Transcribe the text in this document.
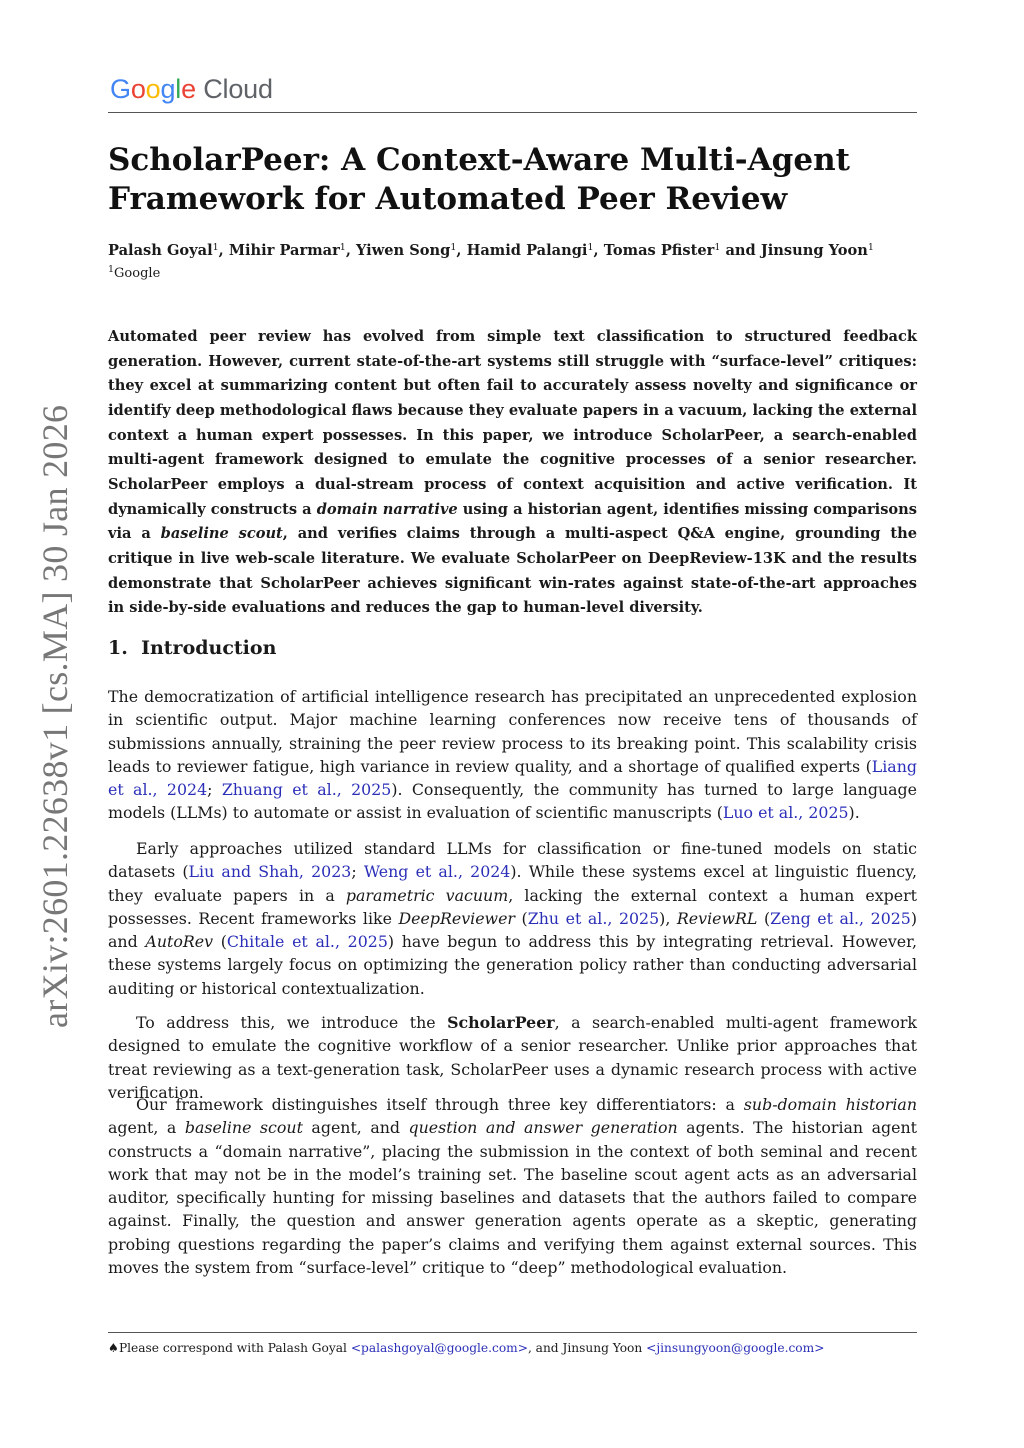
Google Cloud
arXiv:2601.22638v1 [cs.MA] 30 Jan 2026
ScholarPeer: A Context-Aware Multi-Agent Framework for Automated Peer Review
Palash Goyal$^1$, Mihir Parmar$^1$, Yiwen Song$^1$, Hamid Palangi$^1$, Tomas Pfister$^1$ and Jinsung Yoon$^1$
$^1$Google

Automated peer review has evolved from simple text classification to structured feedback generation. However, current state-of-the-art systems still struggle with “surface-level” critiques: they excel at summarizing content but often fail to accurately assess novelty and significance or identify deep methodological flaws because they evaluate papers in a vacuum, lacking the external context a human expert possesses. In this paper, we introduce ScholarPeer, a search-enabled multi-agent framework designed to emulate the cognitive processes of a senior researcher. ScholarPeer employs a dual-stream process of context acquisition and active verification. It dynamically constructs a domain narrative using a historian agent, identifies missing comparisons via a baseline scout, and verifies claims through a multi-aspect Q&A engine, grounding the critique in live web-scale literature. We evaluate ScholarPeer on DeepReview-13K and the results demonstrate that ScholarPeer achieves significant win-rates against state-of-the-art approaches in side-by-side evaluations and reduces the gap to human-level diversity.

1. Introduction

The democratization of artificial intelligence research has precipitated an unprecedented explosion in scientific output. Major machine learning conferences now receive tens of thousands of submissions annually, straining the peer review process to its breaking point. This scalability crisis leads to reviewer fatigue, high variance in review quality, and a shortage of qualified experts (Liang et al., 2024; Zhuang et al., 2025). Consequently, the community has turned to large language models (LLMs) to automate or assist in evaluation of scientific manuscripts (Luo et al., 2025).

Early approaches utilized standard LLMs for classification or fine-tuned models on static datasets (Liu and Shah, 2023; Weng et al., 2024). While these systems excel at linguistic fluency, they evaluate papers in a parametric vacuum, lacking the external context a human expert possesses. Recent frameworks like DeepReviewer (Zhu et al., 2025), ReviewRL (Zeng et al., 2025) and AutoRev (Chitale et al., 2025) have begun to address this by integrating retrieval. However, these systems largely focus on optimizing the generation policy rather than conducting adversarial auditing or historical contextualization.

To address this, we introduce the ScholarPeer, a search-enabled multi-agent framework designed to emulate the cognitive workflow of a senior researcher. Unlike prior approaches that treat reviewing as a text-generation task, ScholarPeer uses a dynamic research process with active verification.

Our framework distinguishes itself through three key differentiators: a sub-domain historian agent, a baseline scout agent, and question and answer generation agents. The historian agent constructs a “domain narrative”, placing the submission in the context of both seminal and recent work that may not be in the model’s training set. The baseline scout agent acts as an adversarial auditor, specifically hunting for missing baselines and datasets that the authors failed to compare against. Finally, the question and answer generation agents operate as a skeptic, generating probing questions regarding the paper’s claims and verifying them against external sources. This moves the system from “surface-level” critique to “deep” methodological evaluation.

♠Please correspond with Palash Goyal <palashgoyal@google.com>, and Jinsung Yoon <jinsungyoon@google.com>
